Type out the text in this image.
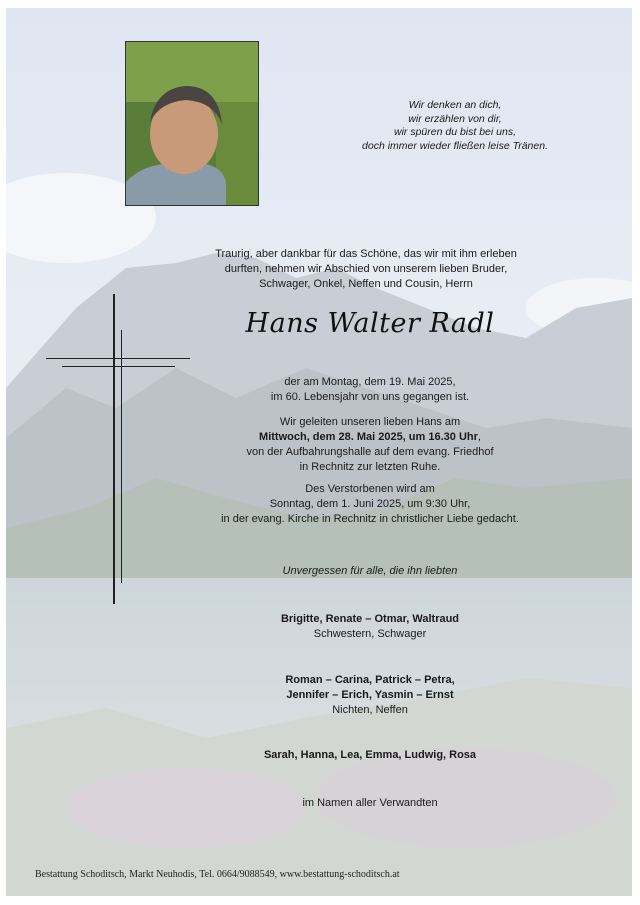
Wir denken an dich,
wir erzählen von dir,
wir spüren du bist bei uns,
doch immer wieder fließen leise Tränen.
Traurig, aber dankbar für das Schöne, das wir mit ihm erleben
durften, nehmen wir Abschied von unserem lieben Bruder,
Schwager, Onkel, Neffen und Cousin, Herrn
Hans Walter Radl
der am Montag, dem 19. Mai 2025,
im 60. Lebensjahr von uns gegangen ist.
Wir geleiten unseren lieben Hans am
Mittwoch, dem 28. Mai 2025, um 16.30 Uhr,
von der Aufbahrungshalle auf dem evang. Friedhof
in Rechnitz zur letzten Ruhe.
Des Verstorbenen wird am
Sonntag, dem 1. Juni 2025, um 9:30 Uhr,
in der evang. Kirche in Rechnitz in christlicher Liebe gedacht.
Unvergessen für alle, die ihn liebten
Brigitte, Renate – Otmar, Waltraud
Schwestern, Schwager
Roman – Carina, Patrick – Petra,
Jennifer – Erich, Yasmin – Ernst
Nichten, Neffen
Sarah, Hanna, Lea, Emma, Ludwig, Rosa
im Namen aller Verwandten
Bestattung Schoditsch, Markt Neuhodis, Tel. 0664/9088549, www.bestattung-schoditsch.at
